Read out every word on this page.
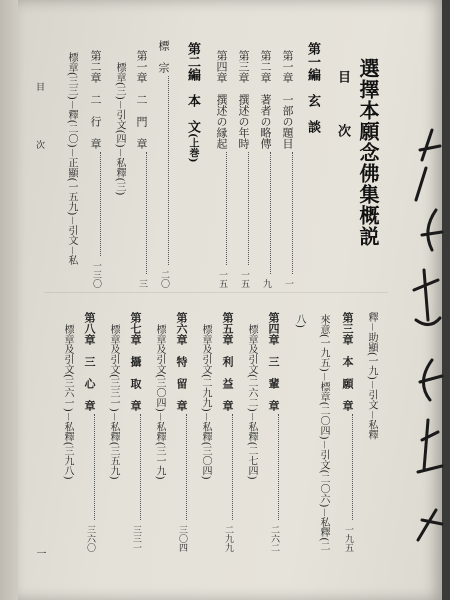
選擇本願念佛集概説
目　次
第一編　玄　談
第一章　一部の題目
一
第二章　著者の略傳
九
第三章　撰述の年時
一五
第四章　撰述の縁起
一五
第二編　本　文(上巻)
標　宗
二〇
第一章　二　門　章
三
標章(三)－引文(四)－私釋(三)
第二章　二　行　章
一三〇
標章(三三)－釋(二〇)－正顯(一五九)－引文－私
目　次
釋－助顯(一九)－引文－私釋
第三章　本　願　章
一九五
來意(一九五)－標章(二〇四)－引文(二〇六)－私釋(二
八)
第四章　三　輩　章
二六二
標章及引文(二六二)－私釋(二七四)
第五章　利　益　章
二九九
標章及引文(二九九)－私釋(三〇四)
第六章　特　留　章
三〇四
標章及引文(三〇四)－私釋(三一九)
第七章　攝　取　章
三三一
標章及引文(三三一)－私釋(三五九)
第八章　三　心　章
三六〇
標章及引文(三六一)－私釋(三九八)
一
